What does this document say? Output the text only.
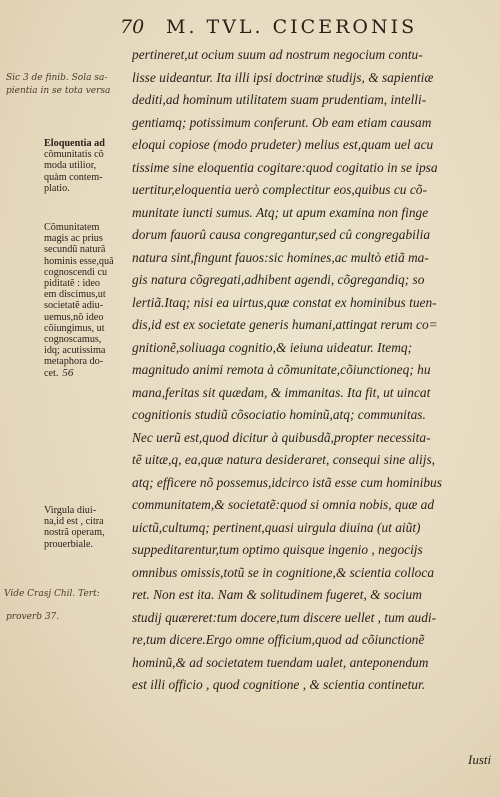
70 M. TVL. CICERONIS
Sic 3 de finib. Sola sa-
pientia in se tota versa
Vide Crasj Chil. Tert:
proverb 37.
Eloquentia ad
cõmunitatis cõ
moda utilior,
quàm contem-
platio.
Cõmunitatem
magis ac prius
secundũ naturã
hominis esse,quã
cognoscendi cu
piditatẽ : ideo
em discimus,ut
societatẽ adiu-
uemus,nõ ideo
cõiungimus, ut
cognoscamus,
idq; acutissima
metaphora do-
cet. 56
Virgula diui-
na,id est , citra
nostrã operam,
prouerbiale.
pertineret,ut ocium suum ad nostrum negocium contu-
lisse uideantur. Ita illi ipsi doctrinæ studijs, & sapientiæ
dediti,ad hominum utilitatem suam prudentiam, intelli-
gentiamq; potissimum conferunt. Ob eam etiam causam
eloqui copiose (modo prudeter) melius est,quam uel acu
tissime sine eloquentia cogitare:quod cogitatio in se ipsa
uertitur,eloquentia uerò complectitur eos,quibus cu cõ-
munitate iuncti sumus. Atq; ut apum examina non finge
dorum fauorû causa congregantur,sed cû congregabilia
natura sint,fingunt fauos:sic homines,ac multò etiã ma-
gis natura cõgregati,adhibent agendi, cõgregandiq; so
lertiã.Itaq; nisi ea uirtus,quæ constat ex hominibus tuen-
dis,id est ex societate generis humani,attingat rerum co=
gnitionẽ,soliuaga cognitio,& ieiuna uideatur. Itemq;
magnitudo animi remota à cõmunitate,cõiunctioneq; hu
mana,feritas sit quædam, & immanitas. Ita fit, ut uincat
cognitionis studiũ cõsociatio hominũ,atq; communitas.
Nec uerũ est,quod dicitur à quibusdã,propter necessita-
tẽ uitæ,q, ea,quæ natura desideraret, consequi sine alijs,
atq; efficere nõ possemus,idcirco istã esse cum hominibus
communitatem,& societatẽ:quod si omnia nobis, quæ ad
uictũ,cultumq; pertinent,quasi uirgula diuina (ut aiũt)
suppeditarentur,tum optimo quisque ingenio , negocijs
omnibus omissis,totũ se in cognitione,& scientia colloca
ret. Non est ita. Nam & solitudinem fugeret, & socium
studij quæreret:tum docere,tum discere uellet , tum audi-
re,tum dicere.Ergo omne officium,quod ad cõiunctionẽ
hominũ,& ad societatem tuendam ualet, anteponendum
est illi officio , quod cognitione , & scientia continetur.
Iusti
